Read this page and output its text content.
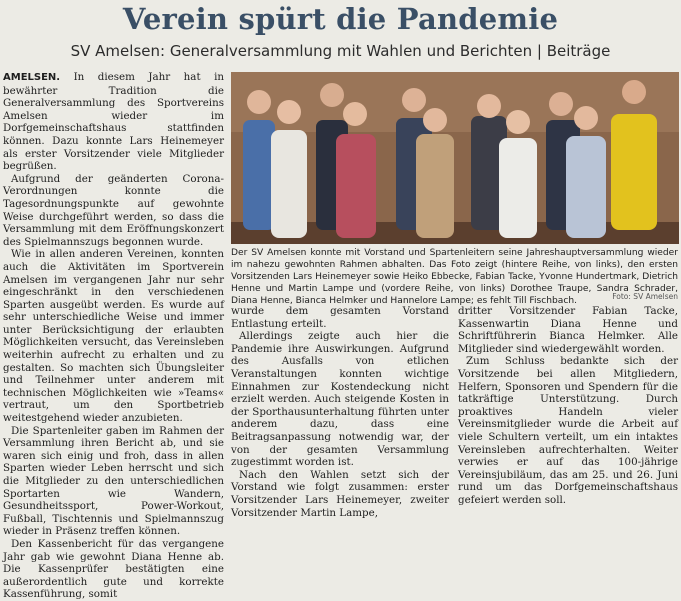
Verein spürt die Pandemie
SV Amelsen: Generalversammlung mit Wahlen und Berichten | Beiträge

AMELSEN. In diesem Jahr hat in bewährter Tradition die Generalversammlung des Sportvereins Amelsen wieder im Dorfgemeinschaftshaus stattfinden können. Dazu konnte Lars Heinemeyer als erster Vorsitzender viele Mitglieder begrüßen.

Aufgrund der geänderten Corona-Verordnungen konnte die Tagesordnungspunkte auf gewohnte Weise durchgeführt werden, so dass die Versammlung mit dem Eröffnungskonzert des Spielmannszugs begonnen wurde.

Wie in allen anderen Vereinen, konnten auch die Aktivitäten im Sportverein Amelsen im vergangenen Jahr nur sehr eingeschränkt in den verschiedenen Sparten ausgeübt werden. Es wurde auf sehr unterschiedliche Weise und immer unter Berücksichtigung der erlaubten Möglichkeiten versucht, das Vereinsleben weiterhin aufrecht zu erhalten und zu gestalten. So machten sich Übungsleiter und Teilnehmer unter anderem mit technischen Möglichkeiten wie »Teams« vertraut, um den Sportbetrieb weitestgehend wieder anzubieten.

Die Spartenleiter gaben im Rahmen der Versammlung ihren Bericht ab, und sie waren sich einig und froh, dass in allen Sparten wieder Leben herrscht und sich die Mitglieder zu den unterschiedlichen Sportarten wie Wandern, Gesundheitssport, Power-Workout, Fußball, Tischtennis und Spielmannszug wieder in Präsenz treffen können.

Den Kassenbericht für das vergangene Jahr gab wie gewohnt Diana Henne ab. Die Kassenprüfer bestätigten eine außerordentlich gute und korrekte Kassenführung, somit

Der SV Amelsen konnte mit Vorstand und Spartenleitern seine Jahreshauptversammlung wieder im nahezu gewohnten Rahmen abhalten. Das Foto zeigt (hintere Reihe, von links), den ersten Vorsitzenden Lars Heinemeyer sowie Heiko Ebbecke, Fabian Tacke, Yvonne Hundertmark, Dietrich Henne und Martin Lampe und (vordere Reihe, von links) Dorothee Traupe, Sandra Schrader, Diana Henne, Bianca Helmker und Hannelore Lampe; es fehlt Till Fischbach.	Foto: SV Amelsen

wurde dem gesamten Vorstand Entlastung erteilt.

Allerdings zeigte auch hier die Pandemie ihre Auswirkungen. Aufgrund des Ausfalls von etlichen Veranstaltungen konnten wichtige Einnahmen zur Kostendeckung nicht erzielt werden. Auch steigende Kosten in der Sporthausunterhaltung führten unter anderem dazu, dass eine Beitragsanpassung notwendig war, der von der gesamten Versammlung zugestimmt worden ist.

Nach den Wahlen setzt sich der Vorstand wie folgt zusammen: erster Vorsitzender Lars Heinemeyer, zweiter Vorsitzender Martin Lampe,

dritter Vorsitzender Fabian Tacke, Kassenwartin Diana Henne und Schriftführerin Bianca Helmker. Alle Mitglieder sind wiedergewählt worden.

Zum Schluss bedankte sich der Vorsitzende bei allen Mitgliedern, Helfern, Sponsoren und Spendern für die tatkräftige Unterstützung. Durch proaktives Handeln vieler Vereinsmitglieder wurde die Arbeit auf viele Schultern verteilt, um ein intaktes Vereinsleben aufrechterhalten. Weiter verwies er auf das 100-jährige Vereinsjubiläum, das am 25. und 26. Juni rund um das Dorfgemeinschaftshaus gefeiert werden soll.
